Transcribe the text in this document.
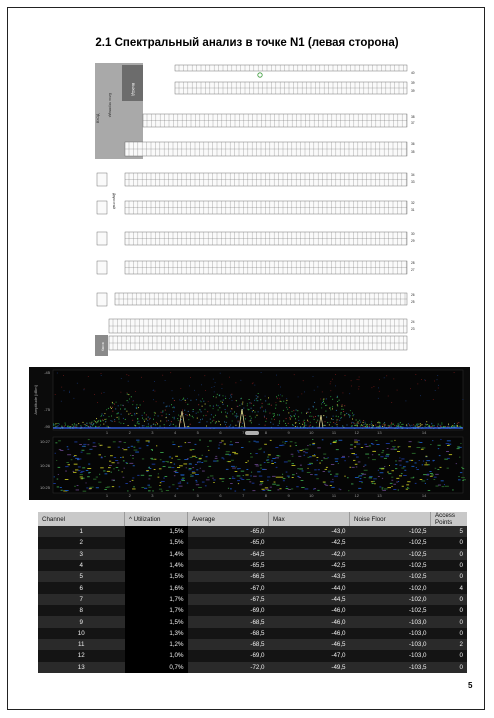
2.1 Спектральный анализ в точке N1 (левая сторона)
ВЫХОД
Блок перевода
ВХОД
Двухсотый
Касса
40
39
39
38
37
36
35
34
33
32
31
30
29
28
27
26
25
24
23
Amplitude [dBm]
-45
-75
-90
10:27
10:26
10:25
1	2	3	4	5	6	7	8	9	10	11	12	13	14
1	2	3	4	5	6	7	8	9	10	11	12	13	14
Channel	^ Utilization	Average	Max	Noise Floor	Access Points
1	1,5%	-65,0	-43,0	-102,5	5
2	1,5%	-65,0	-42,5	-102,5	0
3	1,4%	-64,5	-42,0	-102,5	0
4	1,4%	-65,5	-42,5	-102,5	0
5	1,5%	-66,5	-43,5	-102,5	0
6	1,6%	-67,0	-44,0	-102,0	4
7	1,7%	-67,5	-44,5	-102,0	0
8	1,7%	-69,0	-46,0	-102,5	0
9	1,5%	-68,5	-46,0	-103,0	0
10	1,3%	-68,5	-46,0	-103,0	0
11	1,2%	-68,5	-46,5	-103,0	2
12	1,0%	-69,0	-47,0	-103,0	0
13	0,7%	-72,0	-49,5	-103,5	0
5
